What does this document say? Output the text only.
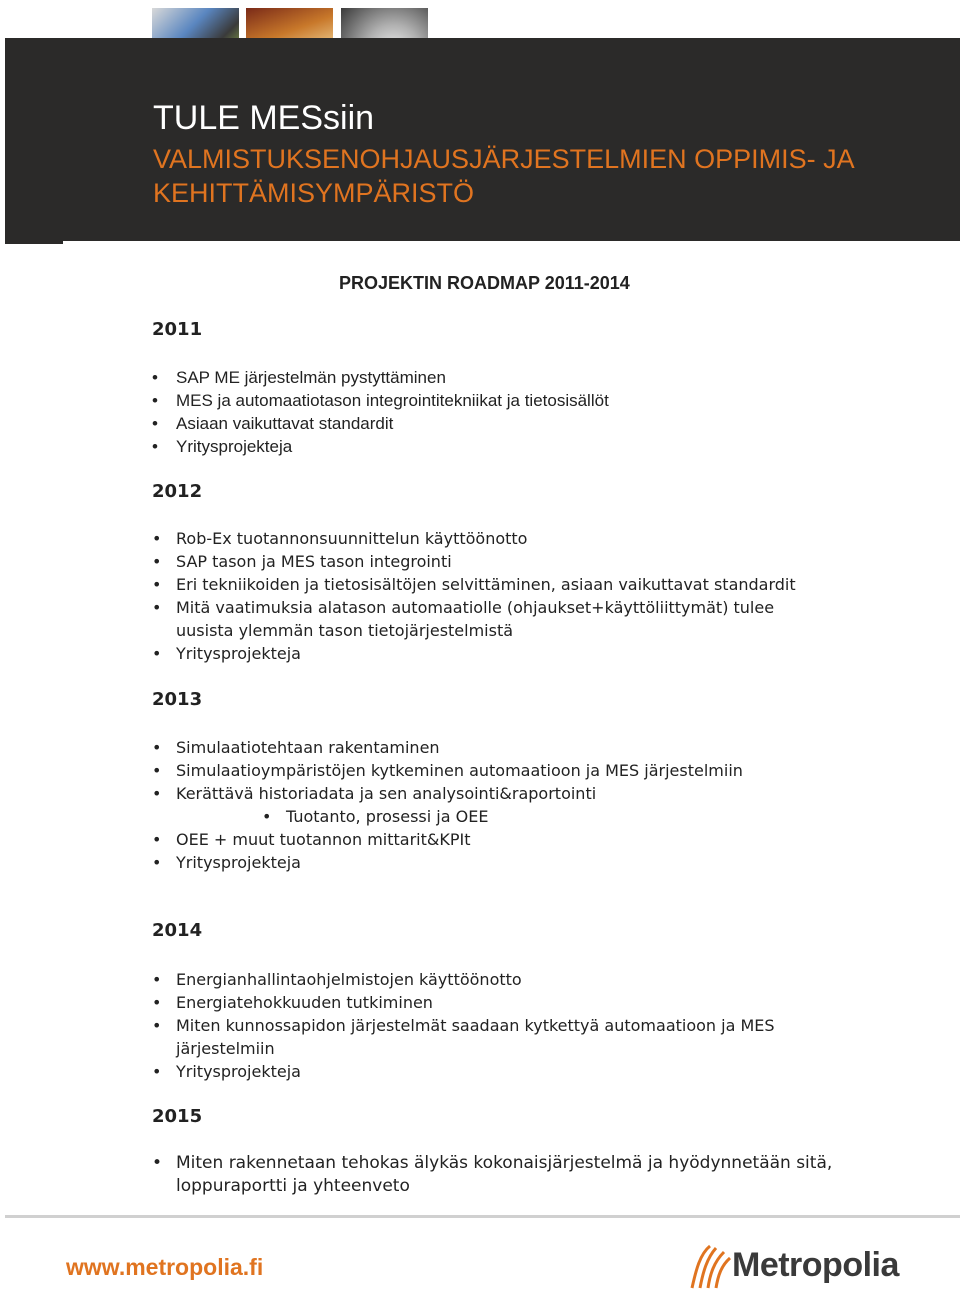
TULE MESsiin
VALMISTUKSENOHJAUSJÄRJESTELMIEN OPPIMIS- JA KEHITTÄMISYMPÄRISTÖ
PROJEKTIN ROADMAP 2011-2014
2011
• SAP ME järjestelmän pystyttäminen
• MES ja automaatiotason integrointitekniikat ja tietosisällöt
• Asiaan vaikuttavat standardit
• Yritysprojekteja
2012
• Rob-Ex tuotannonsuunnittelun käyttöönotto
• SAP tason ja MES tason integrointi
• Eri tekniikoiden ja tietosisältöjen selvittäminen, asiaan vaikuttavat standardit
• Mitä vaatimuksia alatason automaatiolle (ohjaukset+käyttöliittymät) tulee uusista ylemmän tason tietojärjestelmistä
• Yritysprojekteja
2013
• Simulaatiotehtaan rakentaminen
• Simulaatioympäristöjen kytkeminen automaatioon ja MES järjestelmiin
• Kerättävä historiadata ja sen analysointi&raportointi
• Tuotanto, prosessi ja OEE
• OEE + muut tuotannon mittarit&KPIt
• Yritysprojekteja
2014
• Energianhallintaohjelmistojen käyttöönotto
• Energiatehokkuuden tutkiminen
• Miten kunnossapidon järjestelmät saadaan kytkettyä automaatioon ja MES järjestelmiin
• Yritysprojekteja
2015
• Miten rakennetaan tehokas älykäs kokonaisjärjestelmä ja hyödynnetään sitä, loppuraportti ja yhteenveto
www.metropolia.fi	Metropolia
